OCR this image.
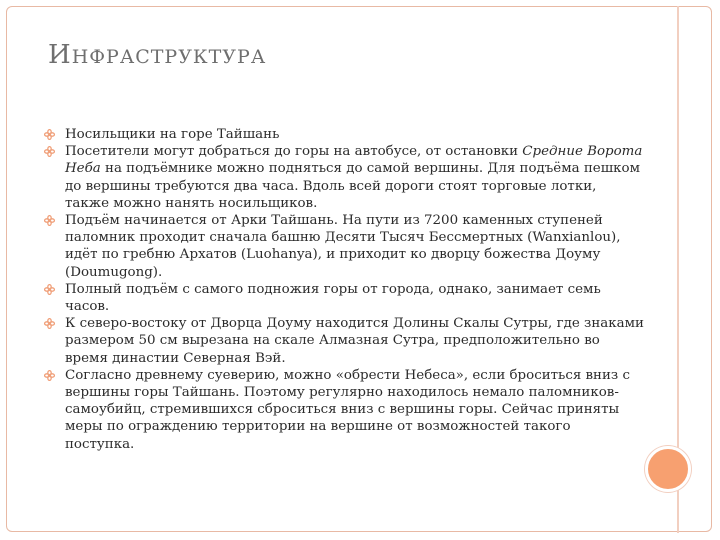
ИНФРАСТРУКТУРА
Носильщики на горе Тайшань
Посетители могут добраться до горы на автобусе, от остановки Средние Ворота Неба на подъёмнике можно подняться до самой вершины. Для подъёма пешком до вершины требуются два часа. Вдоль всей дороги стоят торговые лотки, также можно нанять носильщиков.
Подъём начинается от Арки Тайшань. На пути из 7200 каменных ступеней паломник проходит сначала башню Десяти Тысяч Бессмертных (Wanxianlou), идёт по гребню Архатов (Luohanya), и приходит ко дворцу божества Доуму (Doumugong).
Полный подъём с самого подножия горы от города, однако, занимает семь часов.
К северо-востоку от Дворца Доуму находится Долины Скалы Сутры, где знаками размером 50 см вырезана на скале Алмазная Сутра, предположительно во время династии Северная Вэй.
Согласно древнему суеверию, можно «обрести Небеса», если броситься вниз с вершины горы Тайшань. Поэтому регулярно находилось немало паломников-самоубийц, стремившихся сброситься вниз с вершины горы. Сейчас приняты меры по ограждению территории на вершине от возможностей такого поступка.
